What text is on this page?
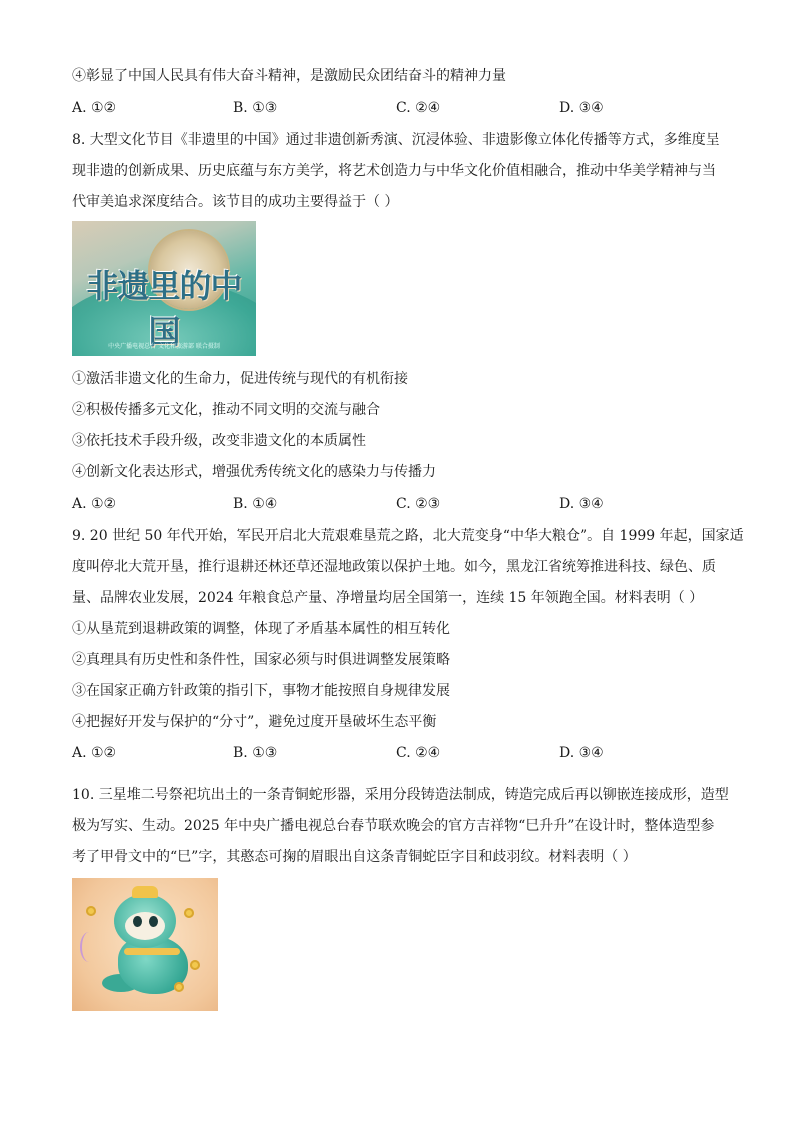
④彰显了中国人民具有伟大奋斗精神，是激励民众团结奋斗的精神力量
A. ①②	B. ①③	C. ②④	D. ③④
8. 大型文化节目《非遗里的中国》通过非遗创新秀演、沉浸体验、非遗影像立体化传播等方式，多维度呈
现非遗的创新成果、历史底蕴与东方美学，将艺术创造力与中华文化价值相融合，推动中华美学精神与当
代审美追求深度结合。该节目的成功主要得益于（ ）
非遗里的中国
中央广播电视总台 文化和旅游部 联合摄制
①激活非遗文化的生命力，促进传统与现代的有机衔接
②积极传播多元文化，推动不同文明的交流与融合
③依托技术手段升级，改变非遗文化的本质属性
④创新文化表达形式，增强优秀传统文化的感染力与传播力
A. ①②	B. ①④	C. ②③	D. ③④
9. 20 世纪 50 年代开始，军民开启北大荒艰难垦荒之路，北大荒变身“中华大粮仓”。自 1999 年起，国家适
度叫停北大荒开垦，推行退耕还林还草还湿地政策以保护土地。如今，黑龙江省统筹推进科技、绿色、质
量、品牌农业发展，2024 年粮食总产量、净增量均居全国第一，连续 15 年领跑全国。材料表明（ ）
①从垦荒到退耕政策的调整，体现了矛盾基本属性的相互转化
②真理具有历史性和条件性，国家必须与时俱进调整发展策略
③在国家正确方针政策的指引下，事物才能按照自身规律发展
④把握好开发与保护的“分寸”，避免过度开垦破坏生态平衡
A. ①②	B. ①③	C. ②④	D. ③④
10. 三星堆二号祭祀坑出土的一条青铜蛇形器，采用分段铸造法制成，铸造完成后再以铆嵌连接成形，造型
极为写实、生动。2025 年中央广播电视总台春节联欢晚会的官方吉祥物“巳升升”在设计时，整体造型参
考了甲骨文中的“巳”字，其憨态可掬的眉眼出自这条青铜蛇臣字目和歧羽纹。材料表明（ ）
